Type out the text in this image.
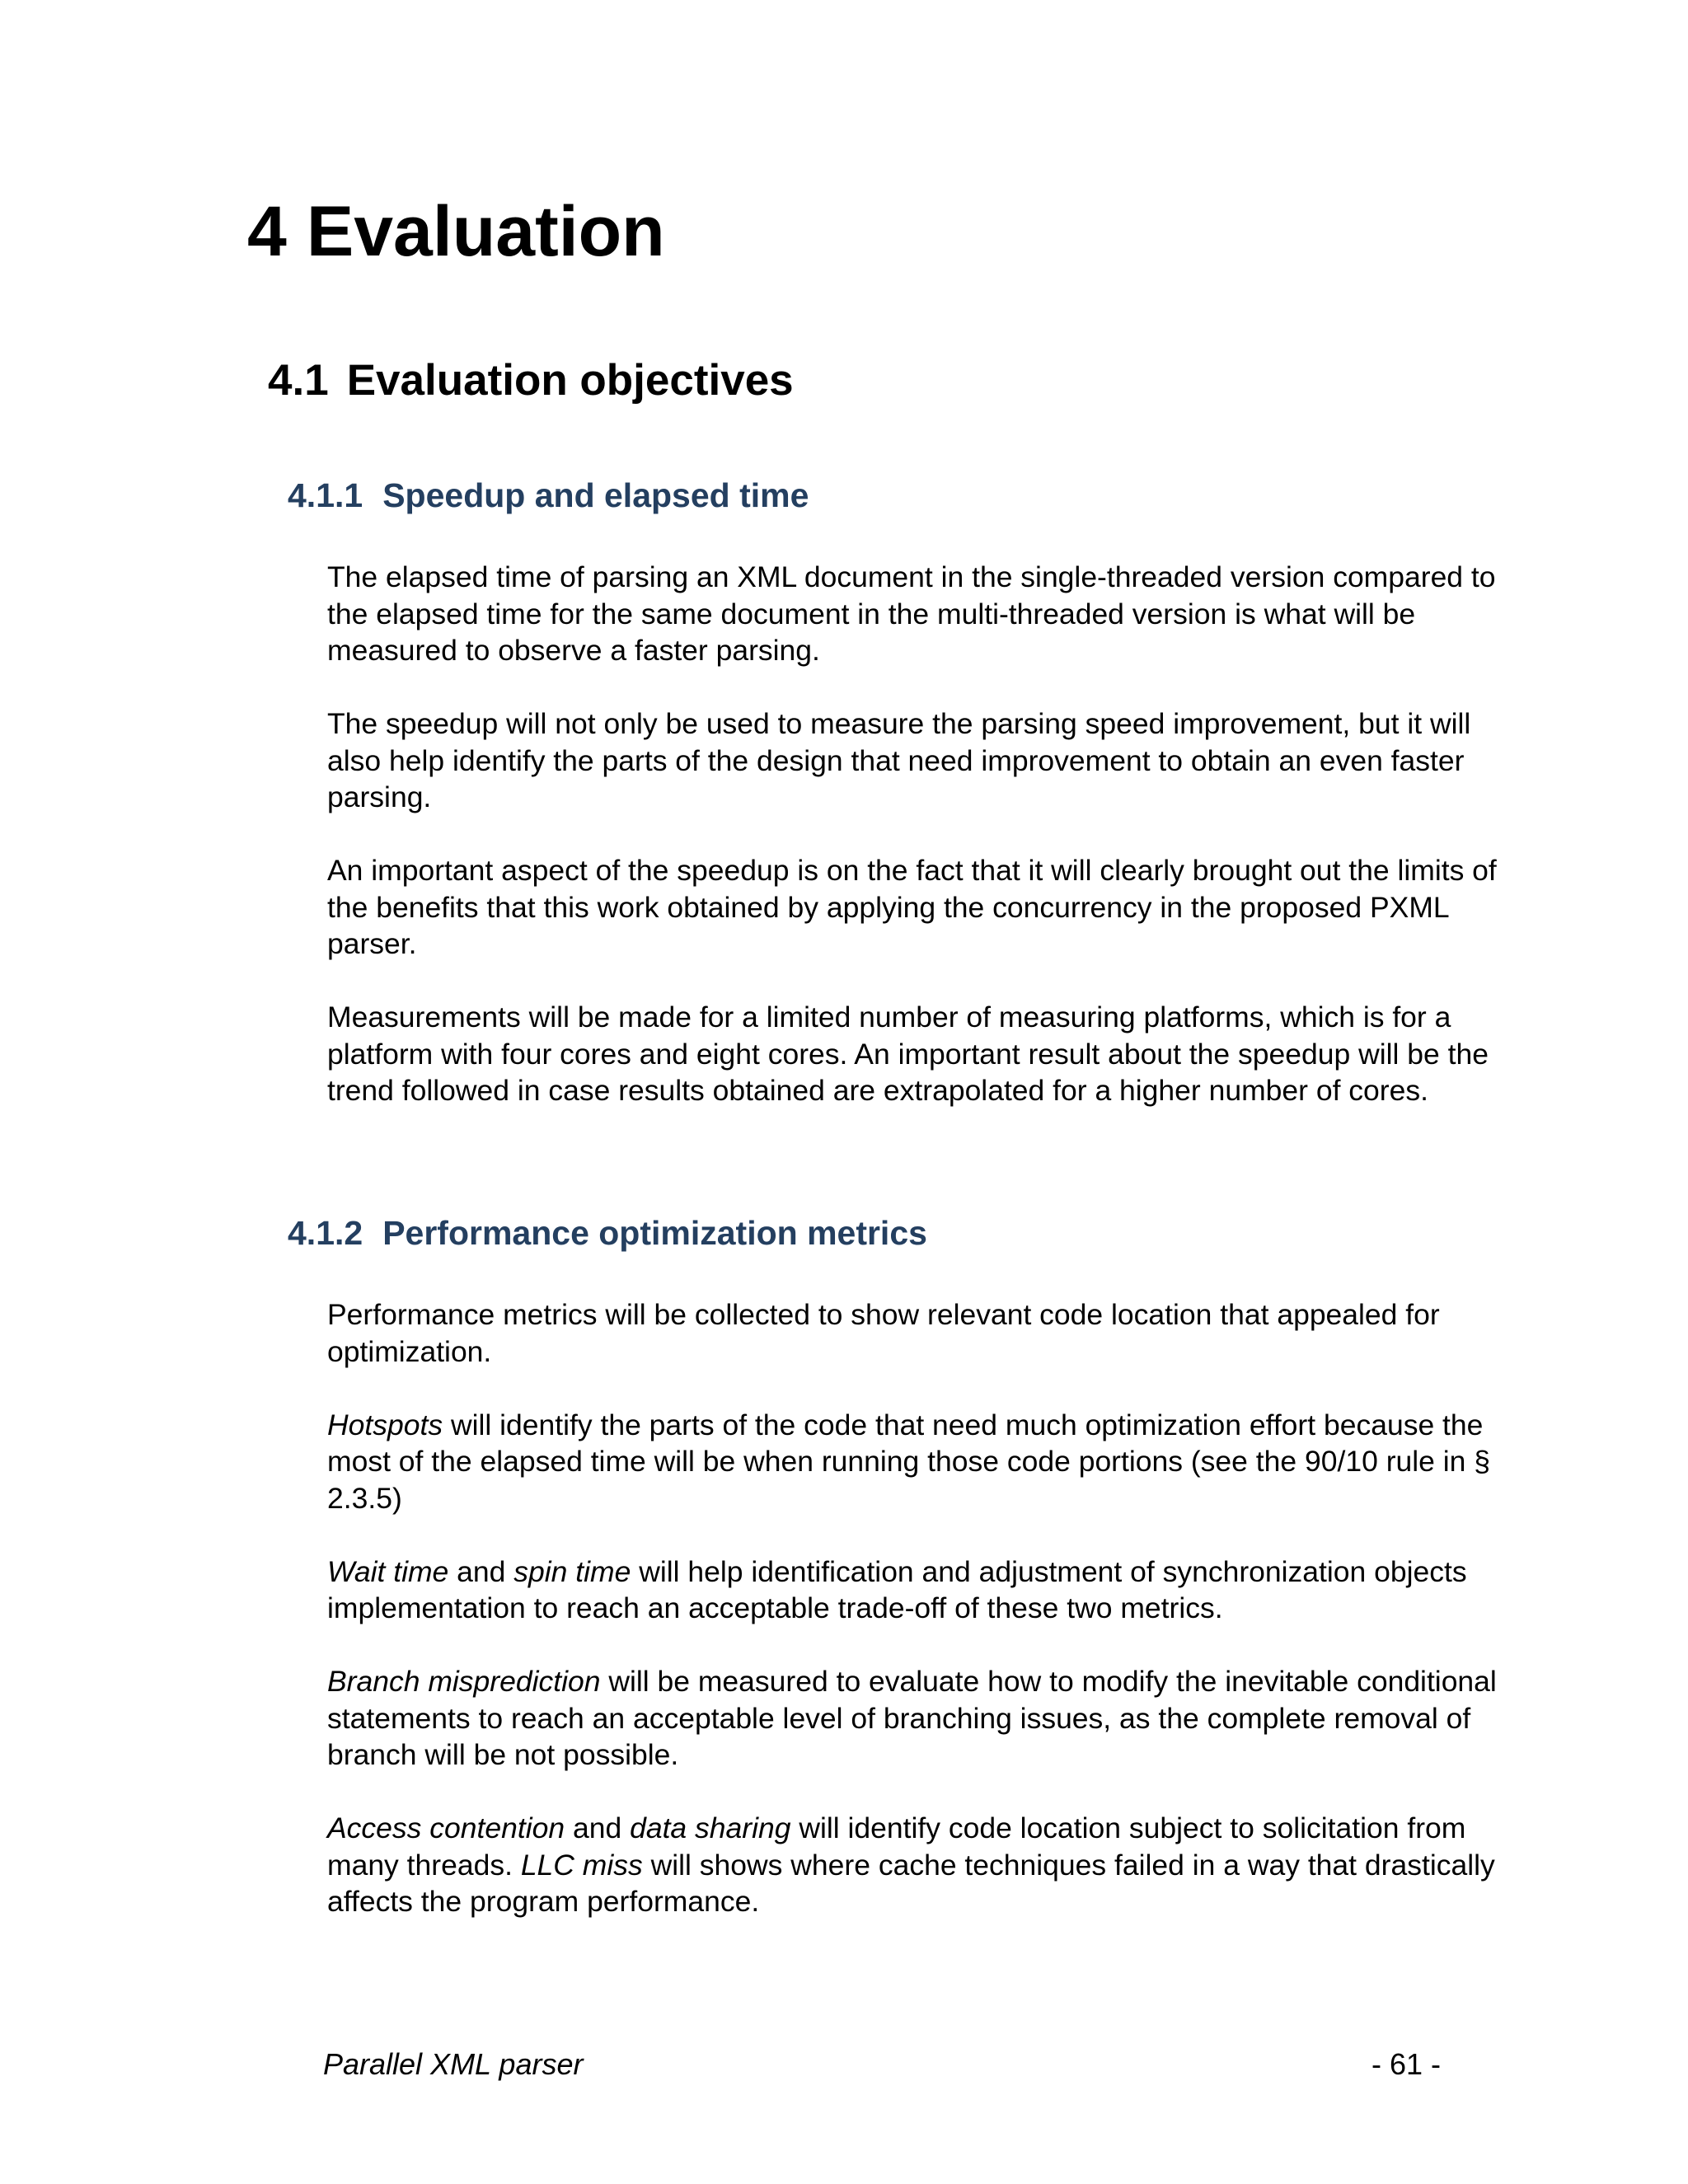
4 Evaluation
4.1 Evaluation objectives
4.1.1 Speedup and elapsed time

The elapsed time of parsing an XML document in the single-threaded version compared to the elapsed time for the same document in the multi-threaded version is what will be measured to observe a faster parsing.

The speedup will not only be used to measure the parsing speed improvement, but it will also help identify the parts of the design that need improvement to obtain an even faster parsing.

An important aspect of the speedup is on the fact that it will clearly brought out the limits of the benefits that this work obtained by applying the concurrency in the proposed PXML parser.

Measurements will be made for a limited number of measuring platforms, which is for a platform with four cores and eight cores. An important result about the speedup will be the trend followed in case results obtained are extrapolated for a higher number of cores.

4.1.2 Performance optimization metrics

Performance metrics will be collected to show relevant code location that appealed for optimization.

Hotspots will identify the parts of the code that need much optimization effort because the most of the elapsed time will be when running those code portions (see the 90/10 rule in § 2.3.5)

Wait time and spin time will help identification and adjustment of synchronization objects implementation to reach an acceptable trade-off of these two metrics.

Branch misprediction will be measured to evaluate how to modify the inevitable conditional statements to reach an acceptable level of branching issues, as the complete removal of branch will be not possible.

Access contention and data sharing will identify code location subject to solicitation from many threads. LLC miss will shows where cache techniques failed in a way that drastically affects the program performance.

Parallel XML parser	- 61 -
